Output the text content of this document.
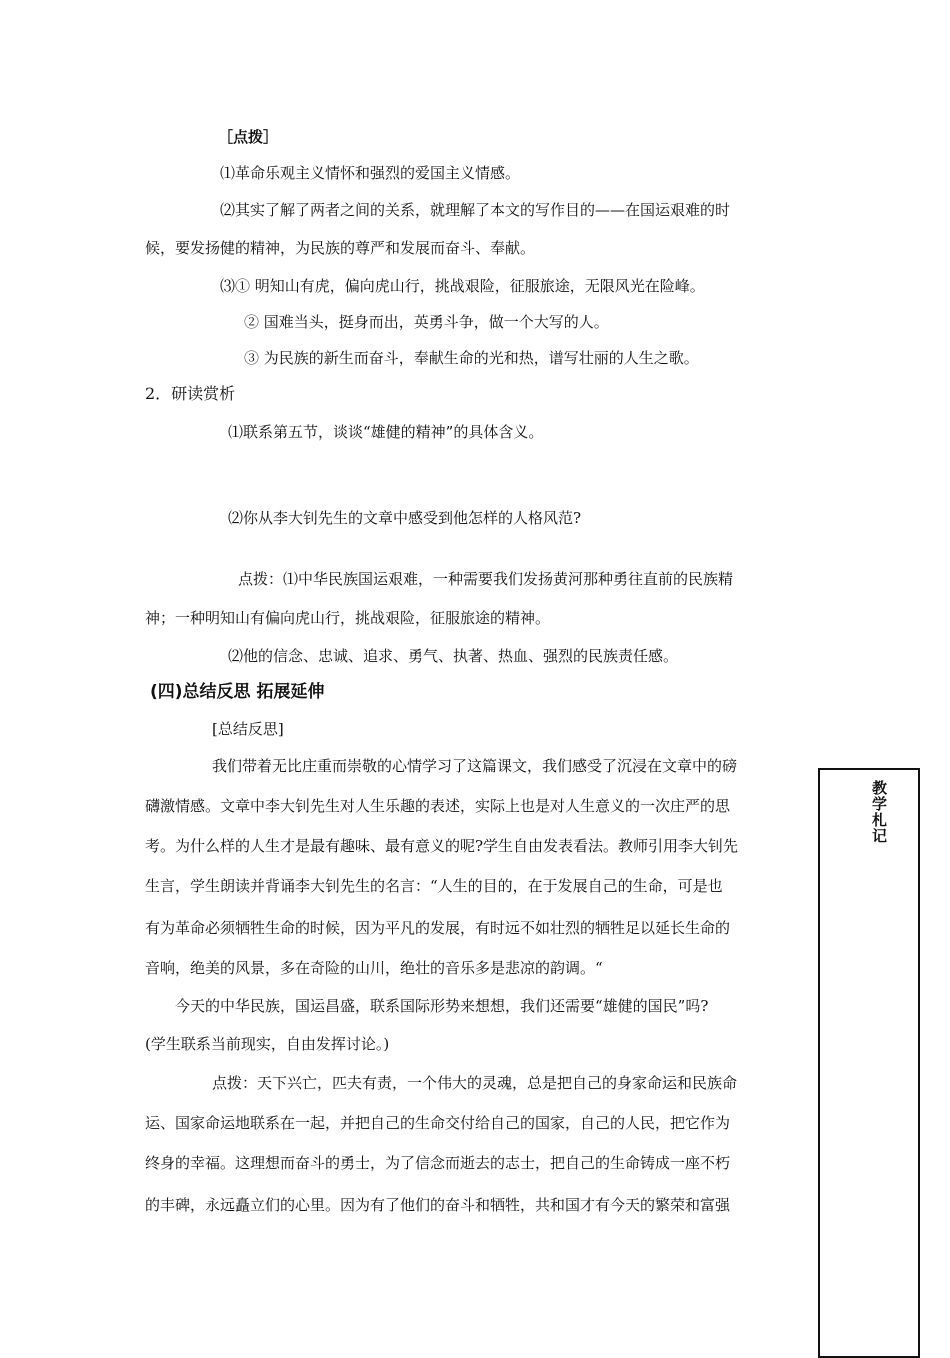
［点拨］
⑴革命乐观主义情怀和强烈的爱国主义情感。
⑵其实了解了两者之间的关系，就理解了本文的写作目的——在国运艰难的时
候，要发扬健的精神，为民族的尊严和发展而奋斗、奉献。
⑶① 明知山有虎，偏向虎山行，挑战艰险，征服旅途，无限风光在险峰。
② 国难当头，挺身而出，英勇斗争，做一个大写的人。
③ 为民族的新生而奋斗，奉献生命的光和热，谱写壮丽的人生之歌。
2．研读赏析
⑴联系第五节，谈谈“雄健的精神”的具体含义。
⑵你从李大钊先生的文章中感受到他怎样的人格风范?
点拨：⑴中华民族国运艰难，一种需要我们发扬黄河那种勇往直前的民族精
神；一种明知山有偏向虎山行，挑战艰险，征服旅途的精神。
⑵他的信念、忠诚、追求、勇气、执著、热血、强烈的民族责任感。
(四)总结反思 拓展延伸
[总结反思]
我们带着无比庄重而崇敬的心情学习了这篇课文，我们感受了沉浸在文章中的磅
礴激情感。文章中李大钊先生对人生乐趣的表述，实际上也是对人生意义的一次庄严的思
考。为什么样的人生才是最有趣味、最有意义的呢?学生自由发表看法。教师引用李大钊先
生言，学生朗读并背诵李大钊先生的名言：“人生的目的，在于发展自己的生命，可是也
有为革命必须牺牲生命的时候，因为平凡的发展，有时远不如壮烈的牺牲足以延长生命的
音响，绝美的风景，多在奇险的山川，绝壮的音乐多是悲凉的韵调。“
今天的中华民族，国运昌盛，联系国际形势来想想，我们还需要“雄健的国民”吗?
(学生联系当前现实，自由发挥讨论。)
点拨：天下兴亡，匹夫有责，一个伟大的灵魂，总是把自己的身家命运和民族命
运、国家命运地联系在一起，并把自己的生命交付给自己的国家，自己的人民，把它作为
终身的幸福。这理想而奋斗的勇士，为了信念而逝去的志士，把自己的生命铸成一座不朽
的丰碑，永远矗立们的心里。因为有了他们的奋斗和牺牲，共和国才有今天的繁荣和富强
教学札记
